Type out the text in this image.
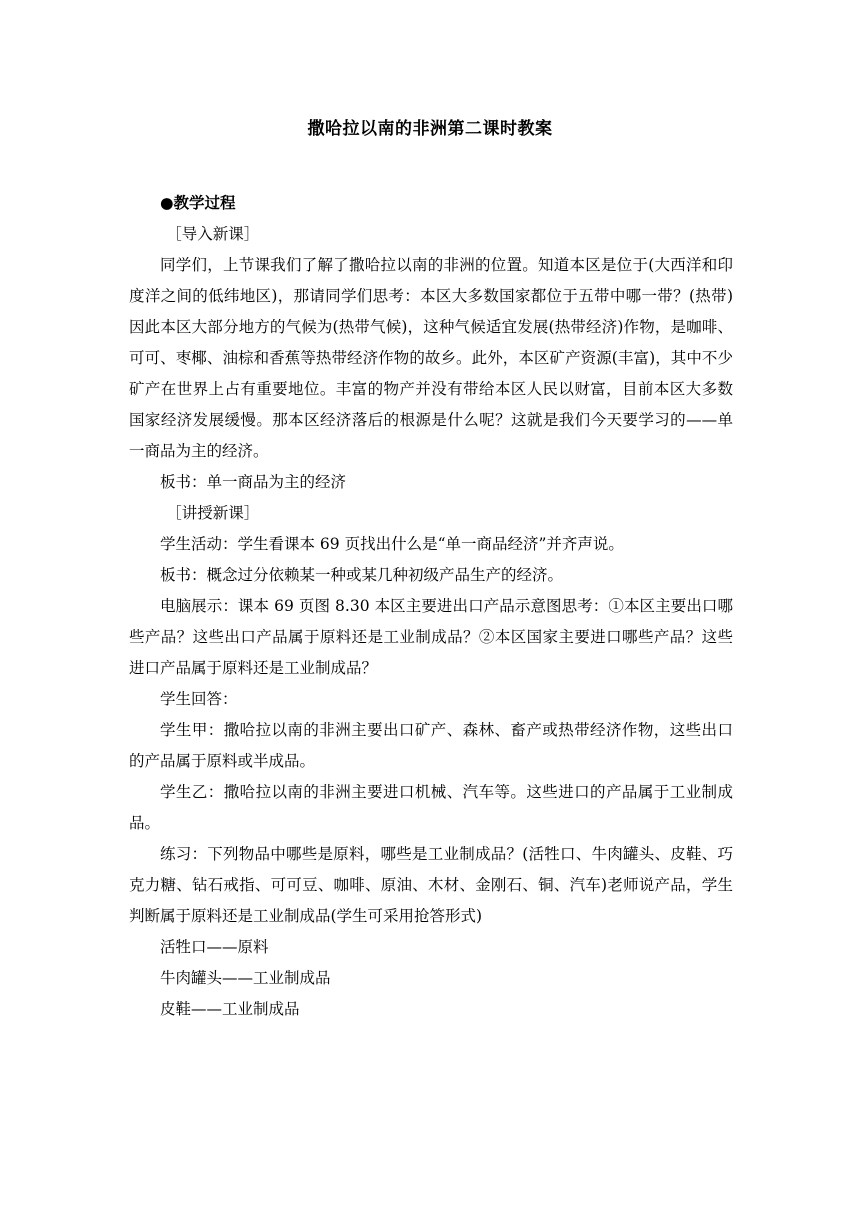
撒哈拉以南的非洲第二课时教案

●教学过程

［导入新课］

同学们，上节课我们了解了撒哈拉以南的非洲的位置。知道本区是位于(大西洋和印度洋之间的低纬地区)，那请同学们思考：本区大多数国家都位于五带中哪一带？(热带)因此本区大部分地方的气候为(热带气候)，这种气候适宜发展(热带经济)作物，是咖啡、可可、枣椰、油棕和香蕉等热带经济作物的故乡。此外，本区矿产资源(丰富)，其中不少矿产在世界上占有重要地位。丰富的物产并没有带给本区人民以财富，目前本区大多数国家经济发展缓慢。那本区经济落后的根源是什么呢？这就是我们今天要学习的——单一商品为主的经济。

板书：单一商品为主的经济

［讲授新课］

学生活动：学生看课本 69 页找出什么是“单一商品经济”并齐声说。

板书：概念过分依赖某一种或某几种初级产品生产的经济。

电脑展示：课本 69 页图 8.30 本区主要进出口产品示意图思考：①本区主要出口哪些产品？这些出口产品属于原料还是工业制成品？②本区国家主要进口哪些产品？这些进口产品属于原料还是工业制成品？

学生回答：

学生甲：撒哈拉以南的非洲主要出口矿产、森林、畜产或热带经济作物，这些出口的产品属于原料或半成品。

学生乙：撒哈拉以南的非洲主要进口机械、汽车等。这些进口的产品属于工业制成品。

练习：下列物品中哪些是原料，哪些是工业制成品？(活牲口、牛肉罐头、皮鞋、巧克力糖、钻石戒指、可可豆、咖啡、原油、木材、金刚石、铜、汽车)老师说产品，学生判断属于原料还是工业制成品(学生可采用抢答形式)

活牲口——原料

牛肉罐头——工业制成品

皮鞋——工业制成品
